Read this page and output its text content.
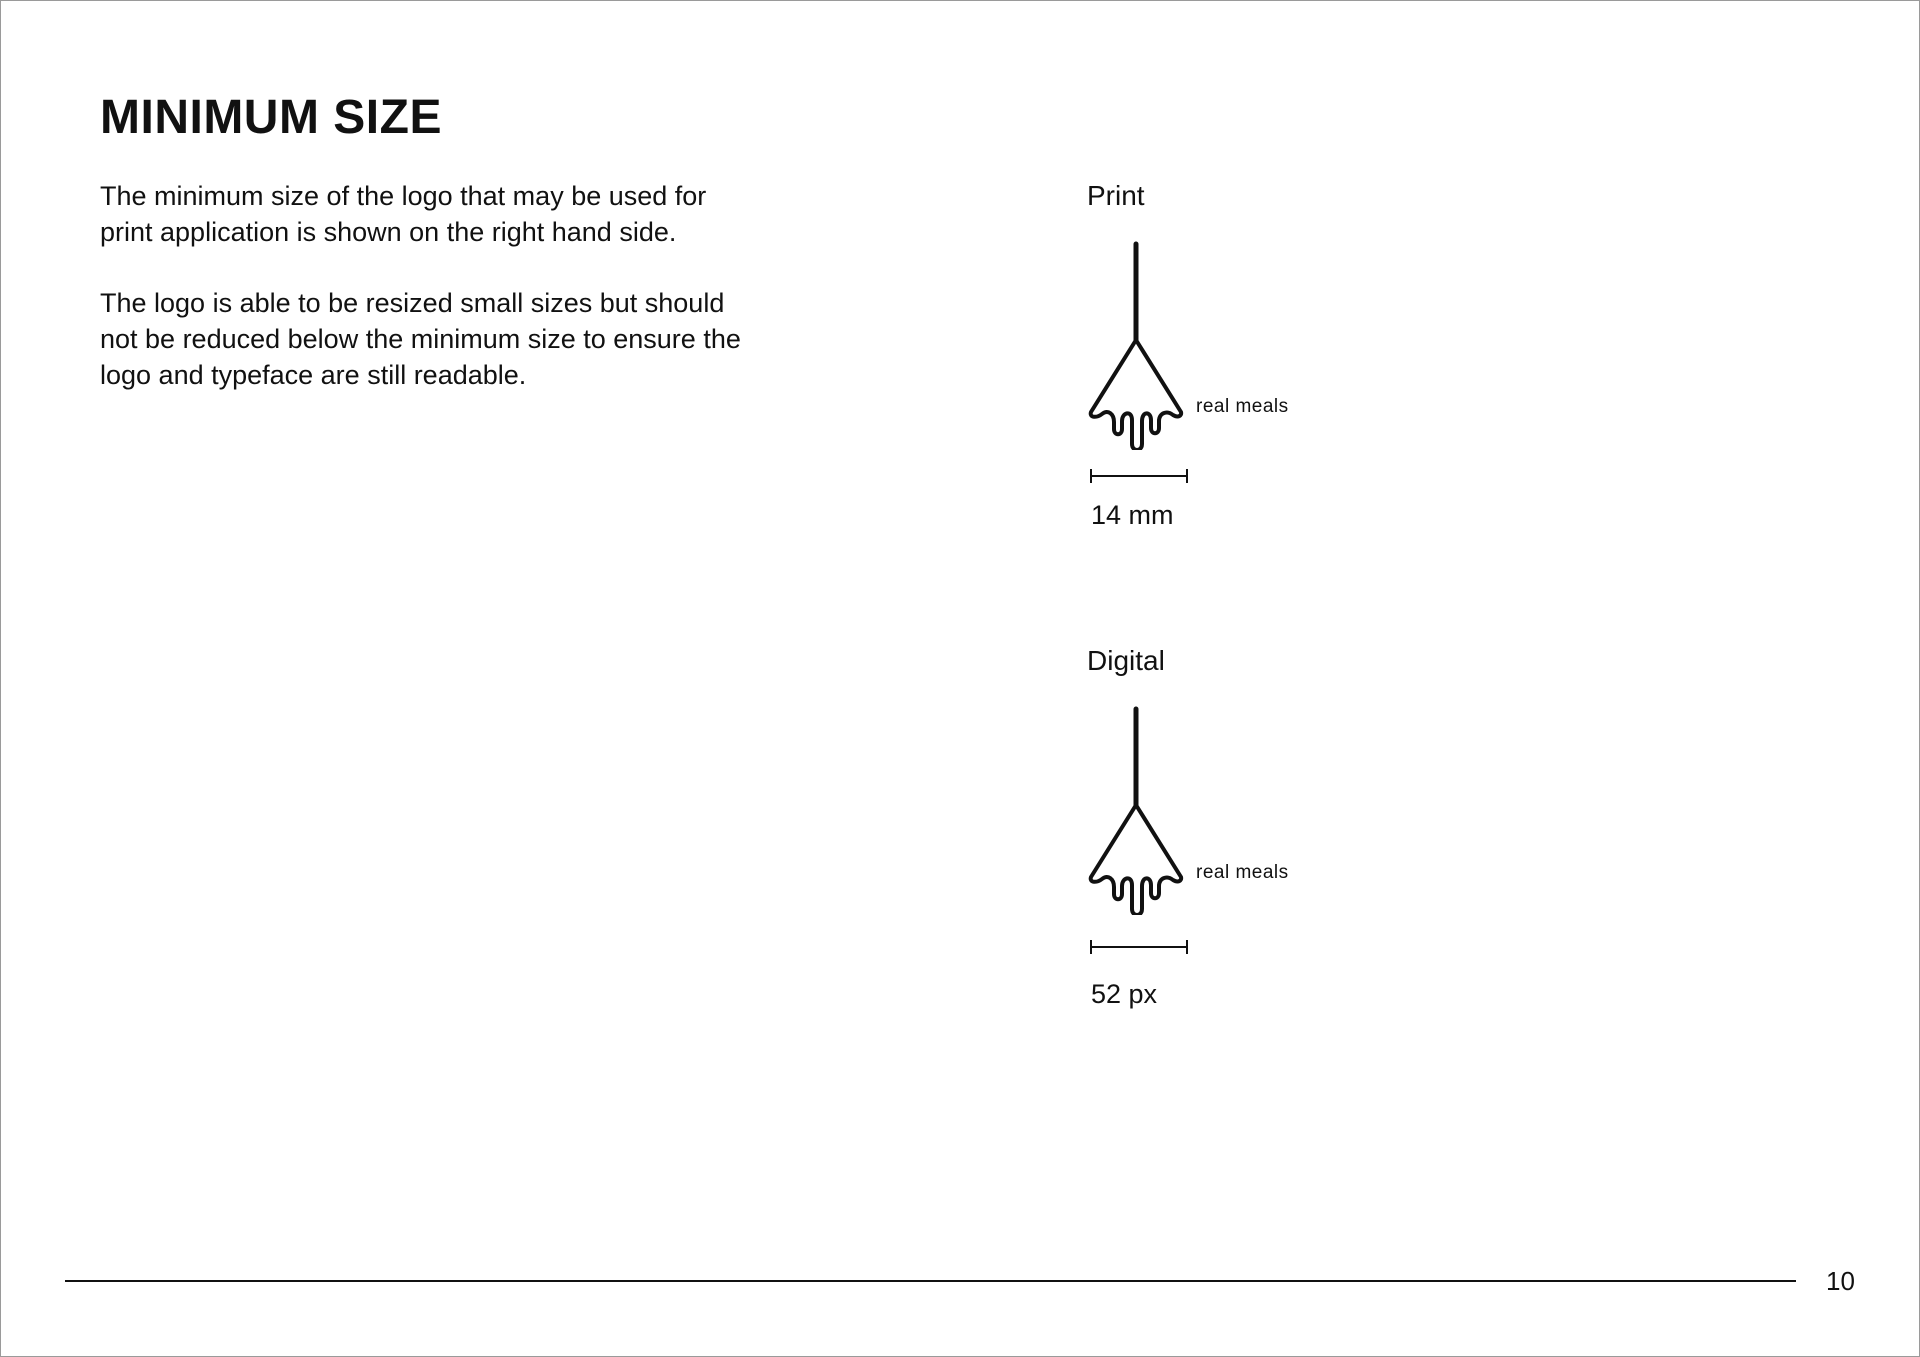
MINIMUM SIZE

The minimum size of the logo that may be used for print application is shown on the right hand side.

The logo is able to be resized small sizes but should not be reduced below the minimum size to ensure the logo and typeface are still readable.

Print
real meals
14 mm
Digital
real meals
52 px
10
